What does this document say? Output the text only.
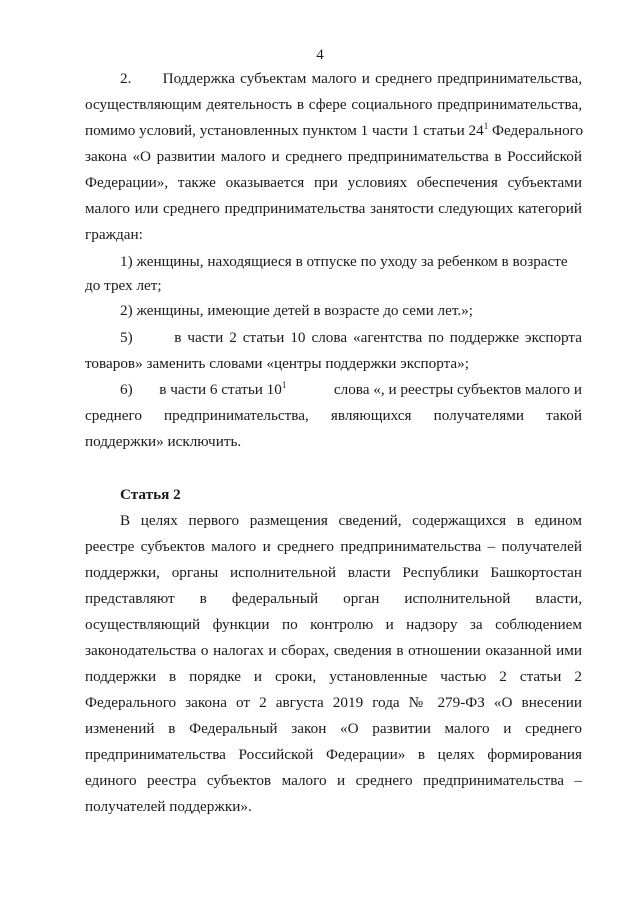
4
2.      Поддержка субъектам малого и среднего предпринимательства,
осуществляющим деятельность в сфере социального предпринимательства,
помимо условий, установленных пунктом 1 части 1 статьи $24^1$ Федерального
закона «О развитии малого и среднего предпринимательства в Российской
Федерации», также оказывается при условиях обеспечения субъектами
малого или среднего предпринимательства занятости следующих категорий
граждан:
1) женщины, находящиеся в отпуске по уходу за ребенком в возрасте
до трех лет;
2) женщины, имеющие детей в возрасте до семи лет.»;
5)       в части 2 статьи 10 слова «агентства по поддержке экспорта
товаров» заменить словами «центры поддержки экспорта»;
6)       в части 6 статьи $10^1$	слова «, и реестры субъектов малого и
среднего предпринимательства, являющихся получателями такой
поддержки» исключить.
Статья 2
В целях первого размещения сведений, содержащихся в едином
реестре субъектов малого и среднего предпринимательства – получателей
поддержки, органы исполнительной власти Республики Башкортостан
представляют в федеральный орган исполнительной власти,
осуществляющий функции по контролю и надзору за соблюдением
законодательства о налогах и сборах, сведения в отношении оказанной ими
поддержки в порядке и сроки, установленные частью 2 статьи 2
Федерального закона от 2 августа 2019 года № 279-ФЗ «О внесении
изменений в Федеральный закон «О развитии малого и среднего
предпринимательства Российской Федерации» в целях формирования
единого реестра субъектов малого и среднего предпринимательства –
получателей поддержки».
